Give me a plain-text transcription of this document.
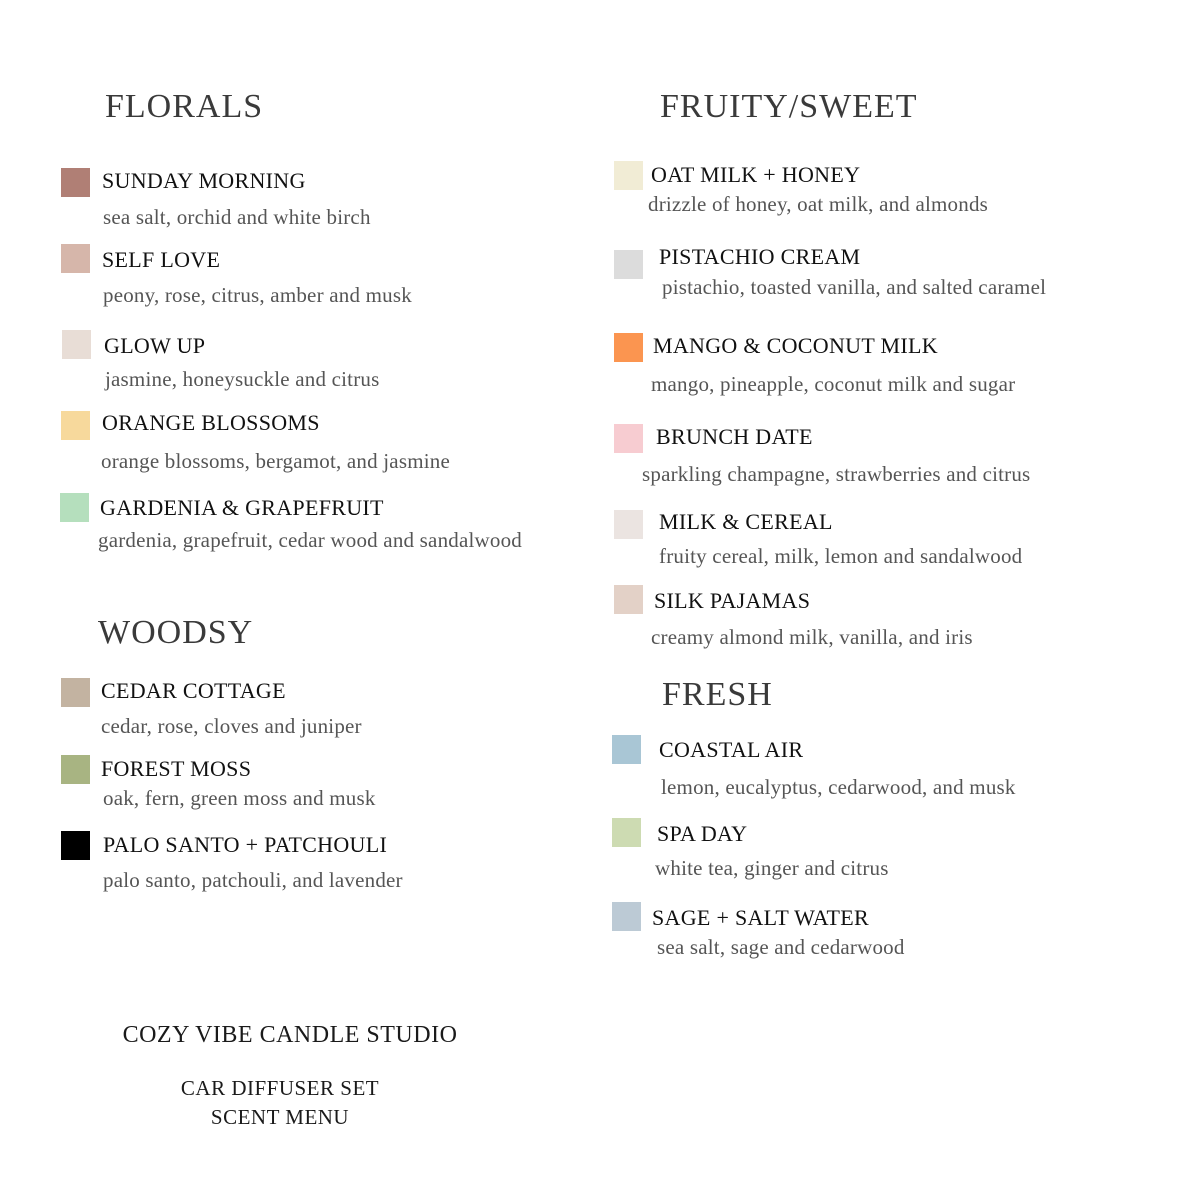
FLORALS
SUNDAY MORNING
sea salt, orchid and white birch
SELF LOVE
peony, rose, citrus, amber and musk
GLOW UP
jasmine, honeysuckle and citrus
ORANGE BLOSSOMS
orange blossoms, bergamot, and jasmine
GARDENIA & GRAPEFRUIT
gardenia, grapefruit, cedar wood and sandalwood
WOODSY
CEDAR COTTAGE
cedar, rose, cloves and juniper
FOREST MOSS
oak, fern, green moss and musk
PALO SANTO + PATCHOULI
palo santo, patchouli, and lavender
FRUITY/SWEET
OAT MILK + HONEY
drizzle of honey, oat milk, and almonds
PISTACHIO CREAM
pistachio, toasted vanilla, and salted caramel
MANGO & COCONUT MILK
mango, pineapple, coconut milk and sugar
BRUNCH DATE
sparkling champagne, strawberries and citrus
MILK & CEREAL
fruity cereal, milk, lemon and sandalwood
SILK PAJAMAS
creamy almond milk, vanilla, and iris
FRESH
COASTAL AIR
lemon, eucalyptus, cedarwood, and musk
SPA DAY
white tea, ginger and citrus
SAGE + SALT WATER
sea salt, sage and cedarwood
COZY VIBE CANDLE STUDIO
CAR DIFFUSER SET
SCENT MENU
